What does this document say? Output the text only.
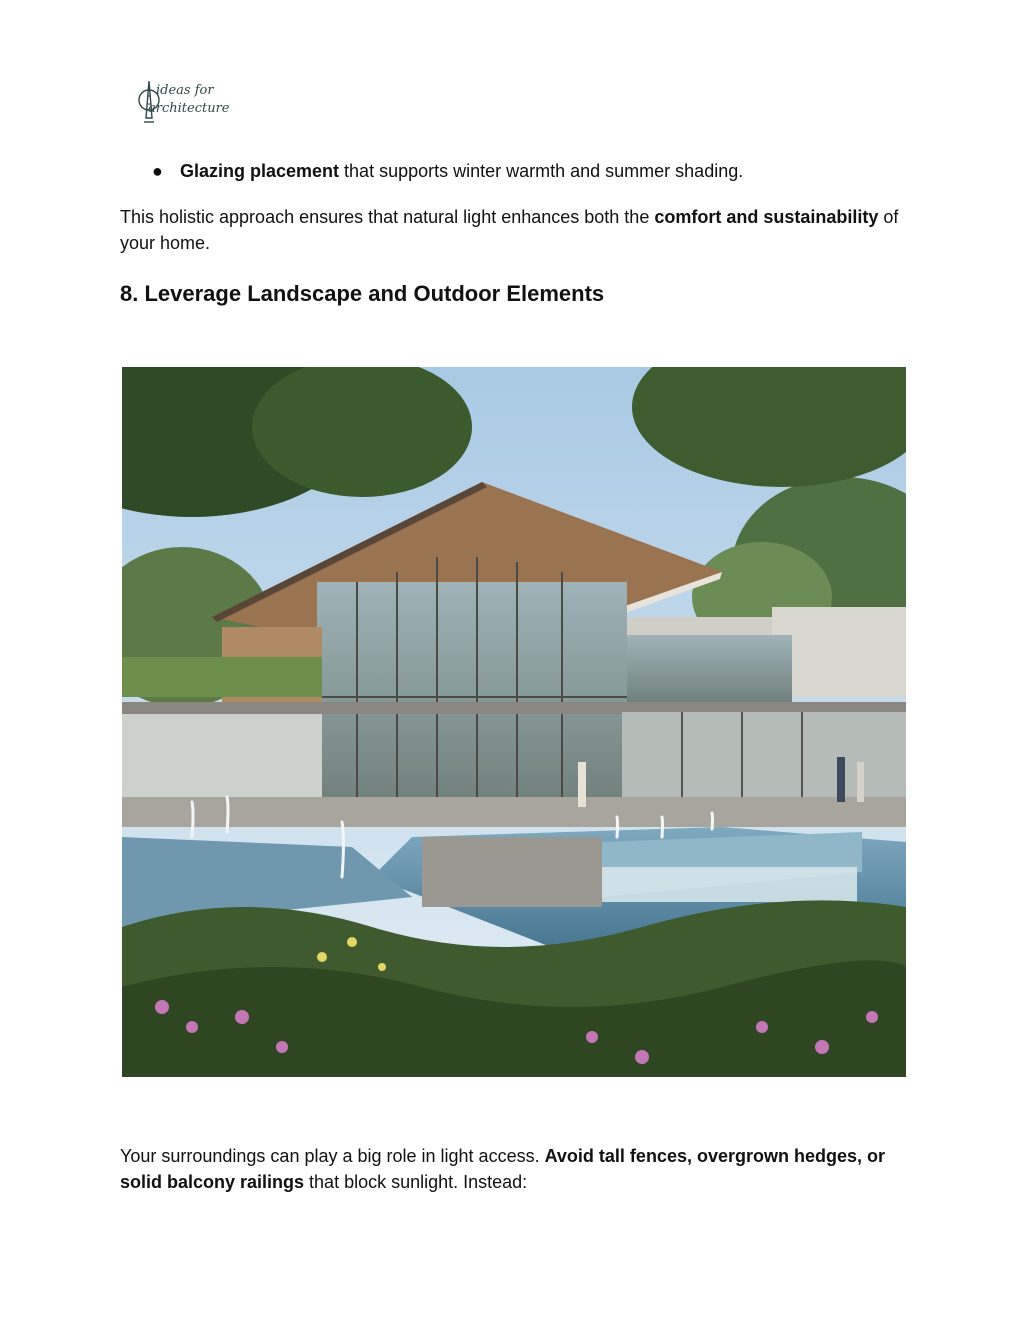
ideas for
architecture
● Glazing placement that supports winter warmth and summer shading.

This holistic approach ensures that natural light enhances both the comfort and sustainability of your home.

8. Leverage Landscape and Outdoor Elements

Your surroundings can play a big role in light access. Avoid tall fences, overgrown hedges, or solid balcony railings that block sunlight. Instead:
